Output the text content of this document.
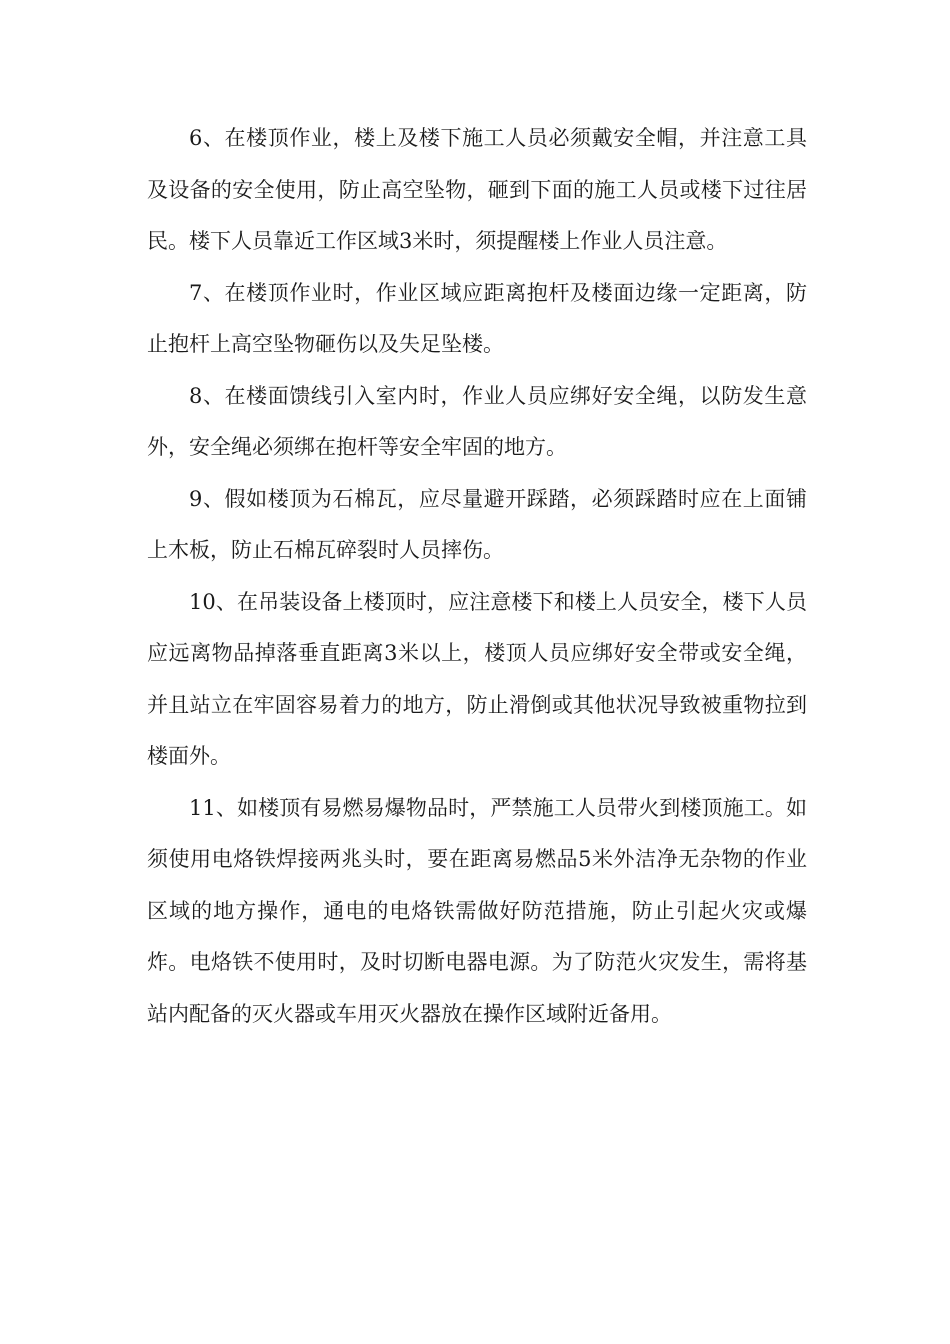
6、在楼顶作业，楼上及楼下施工人员必须戴安全帽，并注意工具及设备的安全使用，防止高空坠物，砸到下面的施工人员或楼下过往居民。楼下人员靠近工作区域3米时，须提醒楼上作业人员注意。

7、在楼顶作业时，作业区域应距离抱杆及楼面边缘一定距离，防止抱杆上高空坠物砸伤以及失足坠楼。

8、在楼面馈线引入室内时，作业人员应绑好安全绳，以防发生意外，安全绳必须绑在抱杆等安全牢固的地方。

9、假如楼顶为石棉瓦，应尽量避开踩踏，必须踩踏时应在上面铺上木板，防止石棉瓦碎裂时人员摔伤。

10、在吊装设备上楼顶时，应注意楼下和楼上人员安全，楼下人员应远离物品掉落垂直距离3米以上，楼顶人员应绑好安全带或安全绳，并且站立在牢固容易着力的地方，防止滑倒或其他状况导致被重物拉到楼面外。

11、如楼顶有易燃易爆物品时，严禁施工人员带火到楼顶施工。如须使用电烙铁焊接两兆头时，要在距离易燃品5米外洁净无杂物的作业区域的地方操作，通电的电烙铁需做好防范措施，防止引起火灾或爆炸。电烙铁不使用时，及时切断电器电源。为了防范火灾发生，需将基站内配备的灭火器或车用灭火器放在操作区域附近备用。
